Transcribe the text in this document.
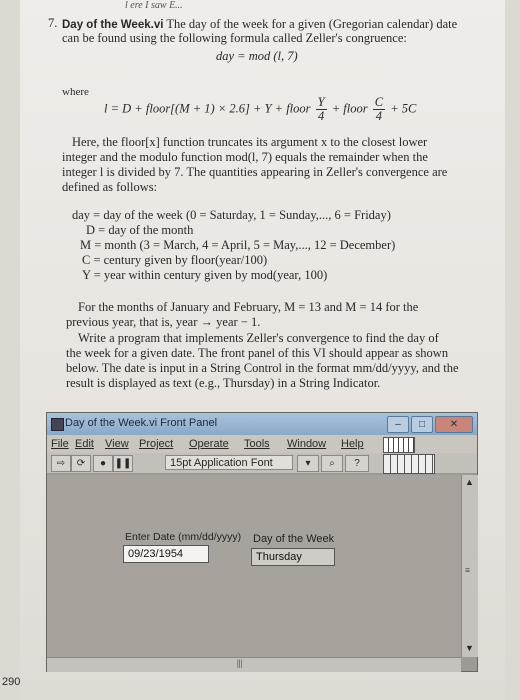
l ere I saw E...
7. Day of the Week.vi The day of the week for a given (Gregorian calendar) date
can be found using the following formula called Zeller's congruence:
day = mod (l, 7)
where
l = D + floor[(M + 1) × 2.6] + Y + floor $\frac{Y}{4}$ + floor $\frac{C}{4} + 5C$
Here, the floor[x] function truncates its argument x to the closest lower
integer and the modulo function mod(l, 7) equals the remainder when the
integer l is divided by 7. The quantities appearing in Zeller's convergence are
defined as follows:
day = day of the week (0 = Saturday, 1 = Sunday,..., 6 = Friday)
D = day of the month
M = month (3 = March, 4 = April, 5 = May,..., 12 = December)
C = century given by floor(year/100)
Y = year within century given by mod(year, 100)
For the months of January and February, M = 13 and M = 14 for the
previous year, that is, year → year − 1.
Write a program that implements Zeller's convergence to find the day of
the week for a given date. The front panel of this VI should appear as shown
below. The date is input in a String Control in the format mm/dd/yyyy, and the
result is displayed as text (e.g., Thursday) in a String Indicator.
Day of the Week.vi Front Panel	–	□	✕
File Edit View Project Operate Tools Window Help
⇨	⟳	● ❚❚	15pt Application Font	▾	⌕	?
Enter Date (mm/dd/yyyy)
09/23/1954
Day of the Week
Thursday
▲
≡
▼
|||
290
